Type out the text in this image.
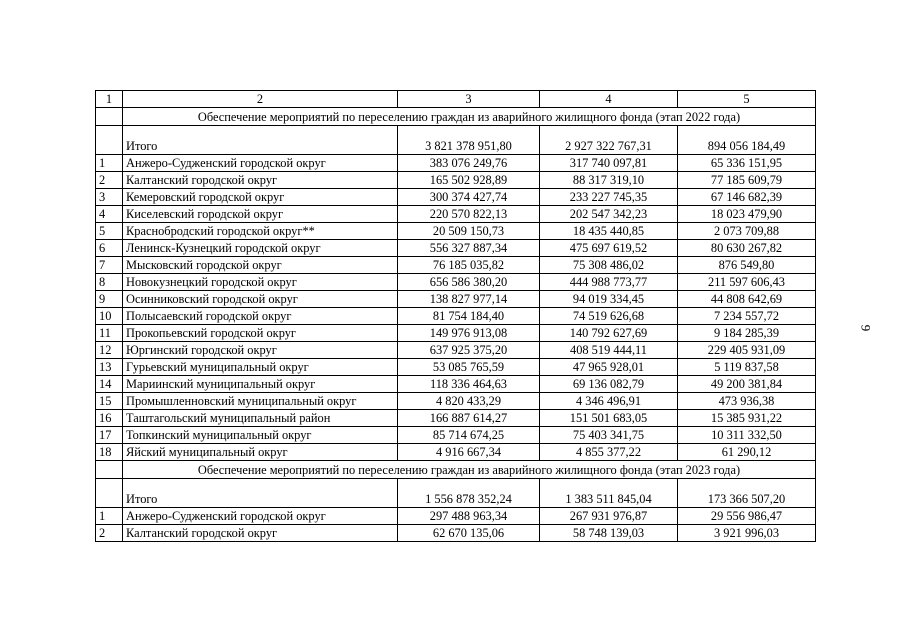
1	2	3	4	5
	Обеспечение мероприятий по переселению граждан из аварийного жилищного фонда (этап 2022 года)			
	Итого	3 821 378 951,80	2 927 322 767,31	894 056 184,49
1	Анжеро-Судженский городской округ	383 076 249,76	317 740 097,81	65 336 151,95
2	Калтанский городской округ	165 502 928,89	88 317 319,10	77 185 609,79
3	Кемеровский городской округ	300 374 427,74	233 227 745,35	67 146 682,39
4	Киселевский городской округ	220 570 822,13	202 547 342,23	18 023 479,90
5	Краснобродский городской округ**	20 509 150,73	18 435 440,85	2 073 709,88
6	Ленинск-Кузнецкий городской округ	556 327 887,34	475 697 619,52	80 630 267,82
7	Мысковский городской округ	76 185 035,82	75 308 486,02	876 549,80
8	Новокузнецкий городской округ	656 586 380,20	444 988 773,77	211 597 606,43
9	Осинниковский городской округ	138 827 977,14	94 019 334,45	44 808 642,69
10	Полысаевский городской округ	81 754 184,40	74 519 626,68	7 234 557,72
11	Прокопьевский городской округ	149 976 913,08	140 792 627,69	9 184 285,39
12	Юргинский городской округ	637 925 375,20	408 519 444,11	229 405 931,09
13	Гурьевский муниципальный округ	53 085 765,59	47 965 928,01	5 119 837,58
14	Мариинский муниципальный округ	118 336 464,63	69 136 082,79	49 200 381,84
15	Промышленновский муниципальный округ	4 820 433,29	4 346 496,91	473 936,38
16	Таштагольский муниципальный район	166 887 614,27	151 501 683,05	15 385 931,22
17	Топкинский муниципальный округ	85 714 674,25	75 403 341,75	10 311 332,50
18	Яйский муниципальный округ	4 916 667,34	4 855 377,22	61 290,12
	Обеспечение мероприятий по переселению граждан из аварийного жилищного фонда (этап 2023 года)			
	Итого	1 556 878 352,24	1 383 511 845,04	173 366 507,20
1	Анжеро-Судженский городской округ	297 488 963,34	267 931 976,87	29 556 986,47
2	Калтанский городской округ	62 670 135,06	58 748 139,03	3 921 996,03
9
